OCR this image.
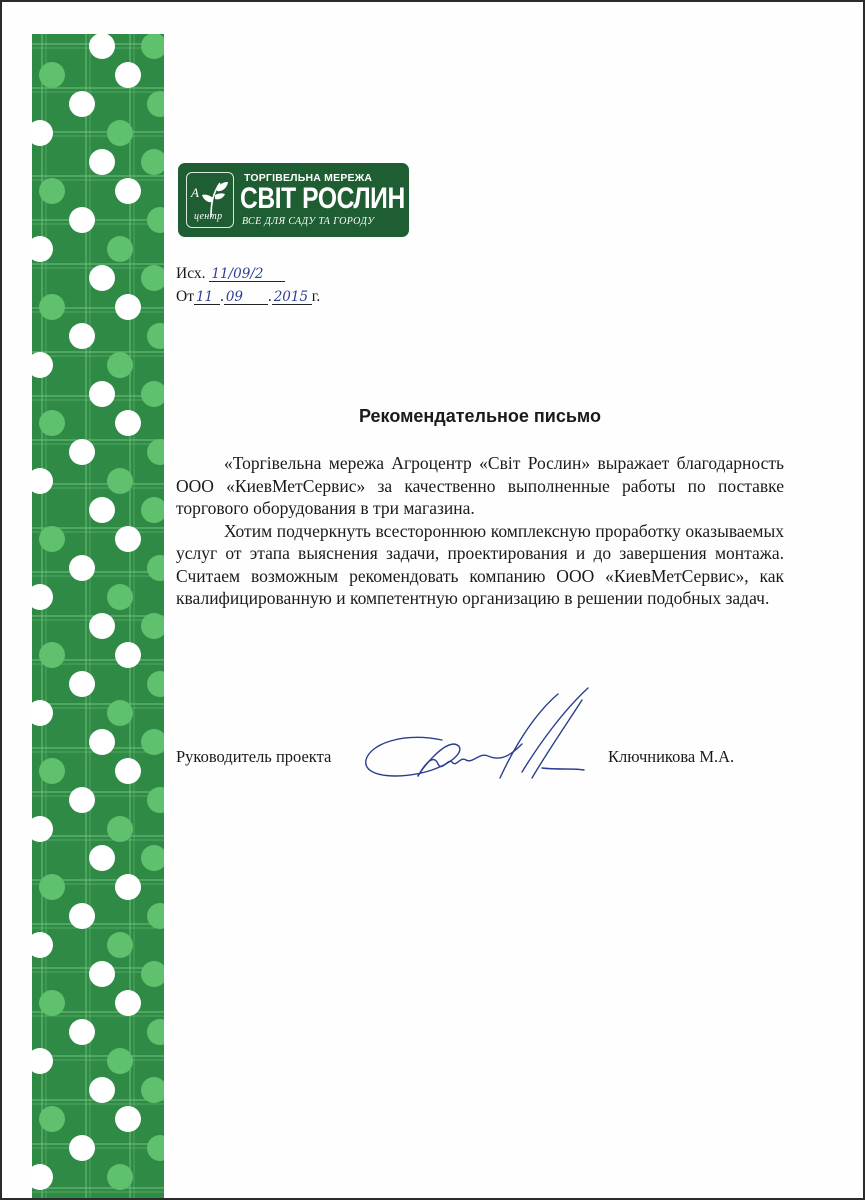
А
центр
ТОРГІВЕЛЬНА МЕРЕЖА
СВІТ РОСЛИН
ВСЕ ДЛЯ САДУ ТА ГОРОДУ
Исх. 11/09/2
От 11 . 09 . 2015 г.
Рекомендательное письмо

«Торгівельна мережа Агроцентр «Світ Рослин» выражает благодарность ООО «КиевМетСервис» за качественно выполненные работы по поставке торгового оборудования в три магазина.

Хотим подчеркнуть всестороннюю комплексную проработку оказываемых услуг от этапа выяснения задачи, проектирования и до завершения монтажа. Считаем возможным рекомендовать компанию ООО «КиевМетСервис», как квалифицированную и компетентную организацию в решении подобных задач.

Руководитель проекта	Ключникова М.А.
